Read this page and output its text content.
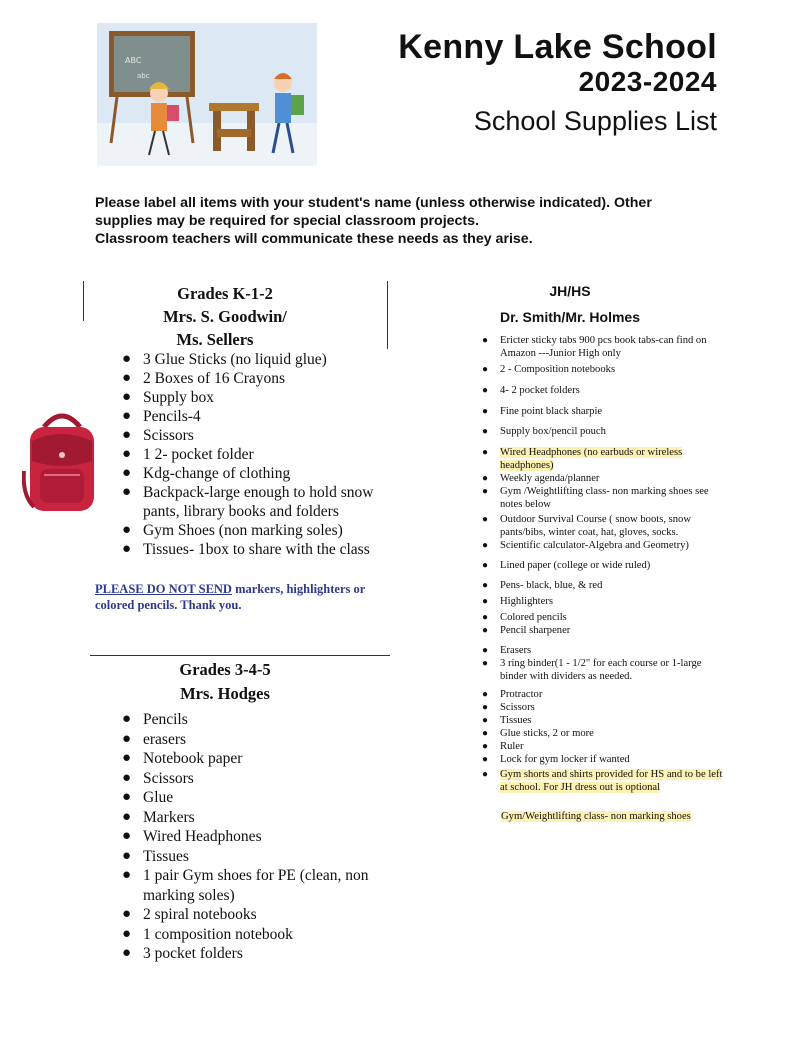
ABC
abc
Kenny Lake School
2023-2024
School Supplies List
Please label all items with your student's name (unless otherwise indicated). Other
supplies may be required for special classroom projects.
Classroom teachers will communicate these needs as they arise.
Grades K-1-2
Mrs. S. Goodwin/
Ms. Sellers
● 3 Glue Sticks (no liquid glue)
● 2 Boxes of 16 Crayons
● Supply box
● Pencils-4
● Scissors
● 1 2- pocket folder
● Kdg-change of clothing
● Backpack-large enough to hold snow pants, library books and folders
● Gym Shoes (non marking soles)
● Tissues- 1box to share with the class
PLEASE DO NOT SEND markers, highlighters or colored pencils. Thank you.
Grades 3-4-5
Mrs. Hodges
● Pencils
● erasers
● Notebook paper
● Scissors
● Glue
● Markers
● Wired Headphones
● Tissues
● 1 pair Gym shoes for PE (clean, non marking soles)
● 2 spiral notebooks
● 1 composition notebook
● 3 pocket folders
JH/HS
Dr. Smith/Mr. Holmes
● Ericter sticky tabs 900 pcs book tabs-can find on Amazon ---Junior High only
● 2 - Composition notebooks
● 4- 2 pocket folders
● Fine point black sharpie
● Supply box/pencil pouch
● Wired Headphones (no earbuds or wireless headphones)
● Weekly agenda/planner
● Gym /Weightlifting class- non marking shoes see notes below
● Outdoor Survival Course ( snow boots, snow pants/bibs, winter coat, hat, gloves, socks.
● Scientific calculator-Algebra and Geometry)
● Lined paper (college or wide ruled)
● Pens- black, blue, & red
● Highlighters
● Colored pencils
● Pencil sharpener
● Erasers
● 3 ring binder(1 - 1/2" for each course or 1-large binder with dividers as needed.
● Protractor
● Scissors
● Tissues
● Glue sticks, 2 or more
● Ruler
● Lock for gym locker if wanted
● Gym shorts and shirts provided for HS and to be left at school. For JH dress out is optional
Gym/Weightlifting class- non marking shoes
